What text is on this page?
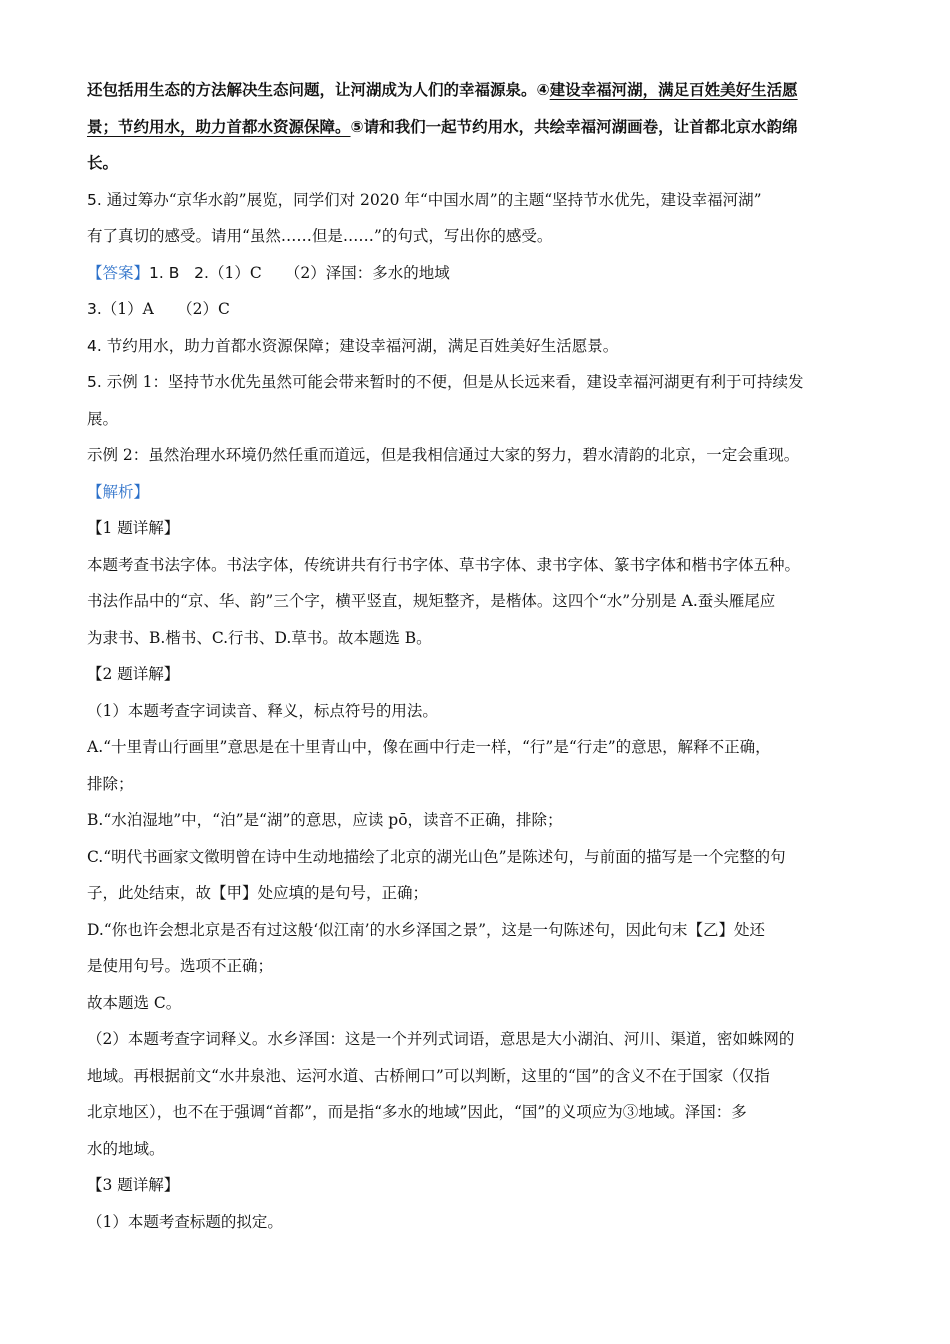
还包括用生态的方法解决生态问题，让河湖成为人们的幸福源泉。④建设幸福河湖，满足百姓美好生活愿
景；节约用水，助力首都水资源保障。⑤请和我们一起节约用水，共绘幸福河湖画卷，让首都北京水韵绵
长。
5. 通过筹办“京华水韵”展览，同学们对 2020 年“中国水周”的主题“坚持节水优先，建设幸福河湖”
有了真切的感受。请用“虽然……但是……”的句式，写出你的感受。
【答案】1. B 2.（1）C　　（2）泽国：多水的地域
3.（1）A　　（2）C
4. 节约用水，助力首都水资源保障；建设幸福河湖，满足百姓美好生活愿景。
5. 示例 1：坚持节水优先虽然可能会带来暂时的不便，但是从长远来看，建设幸福河湖更有利于可持续发
展。
示例 2：虽然治理水环境仍然任重而道远，但是我相信通过大家的努力，碧水清韵的北京，一定会重现。
【解析】
【1 题详解】
本题考查书法字体。书法字体，传统讲共有行书字体、草书字体、隶书字体、篆书字体和楷书字体五种。
书法作品中的“京、华、韵”三个字，横平竖直，规矩整齐，是楷体。这四个“水”分别是 A.蚕头雁尾应
为隶书、B.楷书、C.行书、D.草书。故本题选 B。
【2 题详解】
（1）本题考查字词读音、释义，标点符号的用法。
A.“十里青山行画里”意思是在十里青山中，像在画中行走一样，“行”是“行走”的意思，解释不正确，
排除；
B.“水泊湿地”中，“泊”是“湖”的意思，应读 pō，读音不正确，排除；
C.“明代书画家文徵明曾在诗中生动地描绘了北京的湖光山色”是陈述句，与前面的描写是一个完整的句
子，此处结束，故【甲】处应填的是句号，正确；
D.“你也许会想北京是否有过这般‘似江南’的水乡泽国之景”，这是一句陈述句，因此句末【乙】处还
是使用句号。选项不正确；
故本题选 C。
（2）本题考查字词释义。水乡泽国：这是一个并列式词语，意思是大小湖泊、河川、渠道，密如蛛网的
地域。再根据前文“水井泉池、运河水道、古桥闸口”可以判断，这里的“国”的含义不在于国家（仅指
北京地区），也不在于强调“首都”，而是指“多水的地域”因此，“国”的义项应为③地域。泽国：多
水的地域。
【3 题详解】
（1）本题考查标题的拟定。
